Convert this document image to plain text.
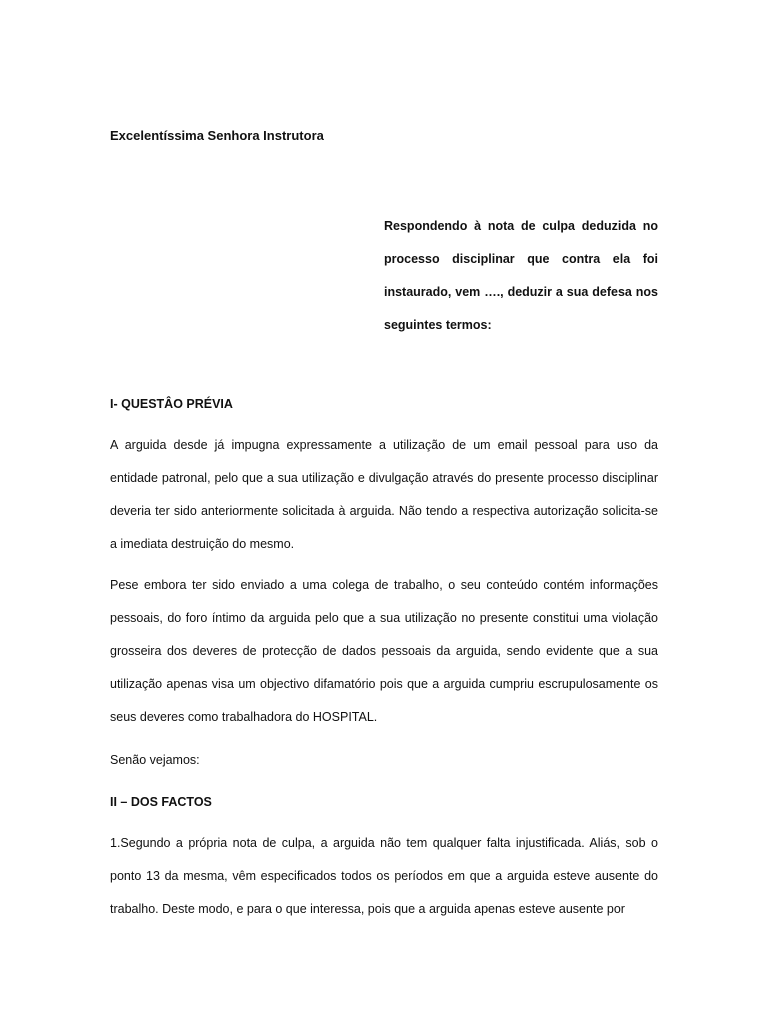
Excelentíssima Senhora Instrutora
Respondendo à nota de culpa deduzida no processo disciplinar que contra ela foi instaurado, vem …., deduzir a sua defesa nos seguintes termos:
I- QUESTÂO PRÉVIA
A arguida desde já impugna expressamente a utilização de um email pessoal para uso da entidade patronal, pelo que a sua utilização e divulgação através do presente processo disciplinar deveria ter sido anteriormente solicitada à arguida. Não tendo a respectiva autorização solicita-se a imediata destruição do mesmo.
Pese embora ter sido enviado a uma colega de trabalho, o seu conteúdo contém informações pessoais, do foro íntimo da arguida pelo que a sua utilização no presente constitui uma violação grosseira dos deveres de protecção de dados pessoais da arguida, sendo evidente que a sua utilização apenas visa um objectivo difamatório pois que a arguida cumpriu escrupulosamente os seus deveres como trabalhadora do HOSPITAL.
Senão vejamos:
II – DOS FACTOS
1.Segundo a própria nota de culpa, a arguida não tem qualquer falta injustificada. Aliás, sob o ponto 13 da mesma, vêm especificados todos os períodos em que a arguida esteve ausente do trabalho. Deste modo, e para o que interessa, pois que a arguida apenas esteve ausente por
